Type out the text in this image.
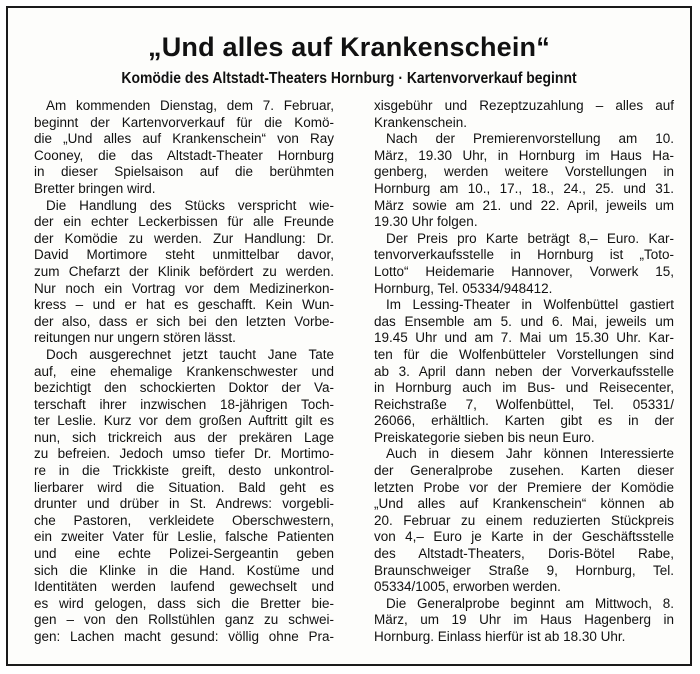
„Und alles auf Krankenschein“
Komödie des Altstadt-Theaters Hornburg · Kartenvorverkauf beginnt
Am kommenden Dienstag, dem 7. Februar,
beginnt der Kartenvorverkauf für die Komö-
die „Und alles auf Krankenschein“ von Ray
Cooney, die das Altstadt-Theater Hornburg
in dieser Spielsaison auf die berühmten
Bretter bringen wird.
Die Handlung des Stücks verspricht wie-
der ein echter Leckerbissen für alle Freunde
der Komödie zu werden. Zur Handlung: Dr.
David Mortimore steht unmittelbar davor,
zum Chefarzt der Klinik befördert zu werden.
Nur noch ein Vortrag vor dem Medizinerkon-
kress – und er hat es geschafft. Kein Wun-
der also, dass er sich bei den letzten Vorbe-
reitungen nur ungern stören lässt.
Doch ausgerechnet jetzt taucht Jane Tate
auf, eine ehemalige Krankenschwester und
bezichtigt den schockierten Doktor der Va-
terschaft ihrer inzwischen 18-jährigen Toch-
ter Leslie. Kurz vor dem großen Auftritt gilt es
nun, sich trickreich aus der prekären Lage
zu befreien. Jedoch umso tiefer Dr. Mortimo-
re in die Trickkiste greift, desto unkontrol-
lierbarer wird die Situation. Bald geht es
drunter und drüber in St. Andrews: vorgebli-
che Pastoren, verkleidete Oberschwestern,
ein zweiter Vater für Leslie, falsche Patienten
und eine echte Polizei-Sergeantin geben
sich die Klinke in die Hand. Kostüme und
Identitäten werden laufend gewechselt und
es wird gelogen, dass sich die Bretter bie-
gen – von den Rollstühlen ganz zu schwei-
gen: Lachen macht gesund: völlig ohne Pra-
xisgebühr und Rezeptzuzahlung – alles auf
Krankenschein.
Nach der Premierenvorstellung am 10.
März, 19.30 Uhr, in Hornburg im Haus Ha-
genberg, werden weitere Vorstellungen in
Hornburg am 10., 17., 18., 24., 25. und 31.
März sowie am 21. und 22. April, jeweils um
19.30 Uhr folgen.
Der Preis pro Karte beträgt 8,– Euro. Kar-
tenvorverkaufsstelle in Hornburg ist „Toto-
Lotto“ Heidemarie Hannover, Vorwerk 15,
Hornburg, Tel. 05334/948412.
Im Lessing-Theater in Wolfenbüttel gastiert
das Ensemble am 5. und 6. Mai, jeweils um
19.45 Uhr und am 7. Mai um 15.30 Uhr. Kar-
ten für die Wolfenbütteler Vorstellungen sind
ab 3. April dann neben der Vorverkaufsstelle
in Hornburg auch im Bus- und Reisecenter,
Reichstraße 7, Wolfenbüttel, Tel. 05331/
26066, erhältlich. Karten gibt es in der
Preiskategorie sieben bis neun Euro.
Auch in diesem Jahr können Interessierte
der Generalprobe zusehen. Karten dieser
letzten Probe vor der Premiere der Komödie
„Und alles auf Krankenschein“ können ab
20. Februar zu einem reduzierten Stückpreis
von 4,– Euro je Karte in der Geschäftsstelle
des Altstadt-Theaters, Doris-Bötel Rabe,
Braunschweiger Straße 9, Hornburg, Tel.
05334/1005, erworben werden.
Die Generalprobe beginnt am Mittwoch, 8.
März, um 19 Uhr im Haus Hagenberg in
Hornburg. Einlass hierfür ist ab 18.30 Uhr.
